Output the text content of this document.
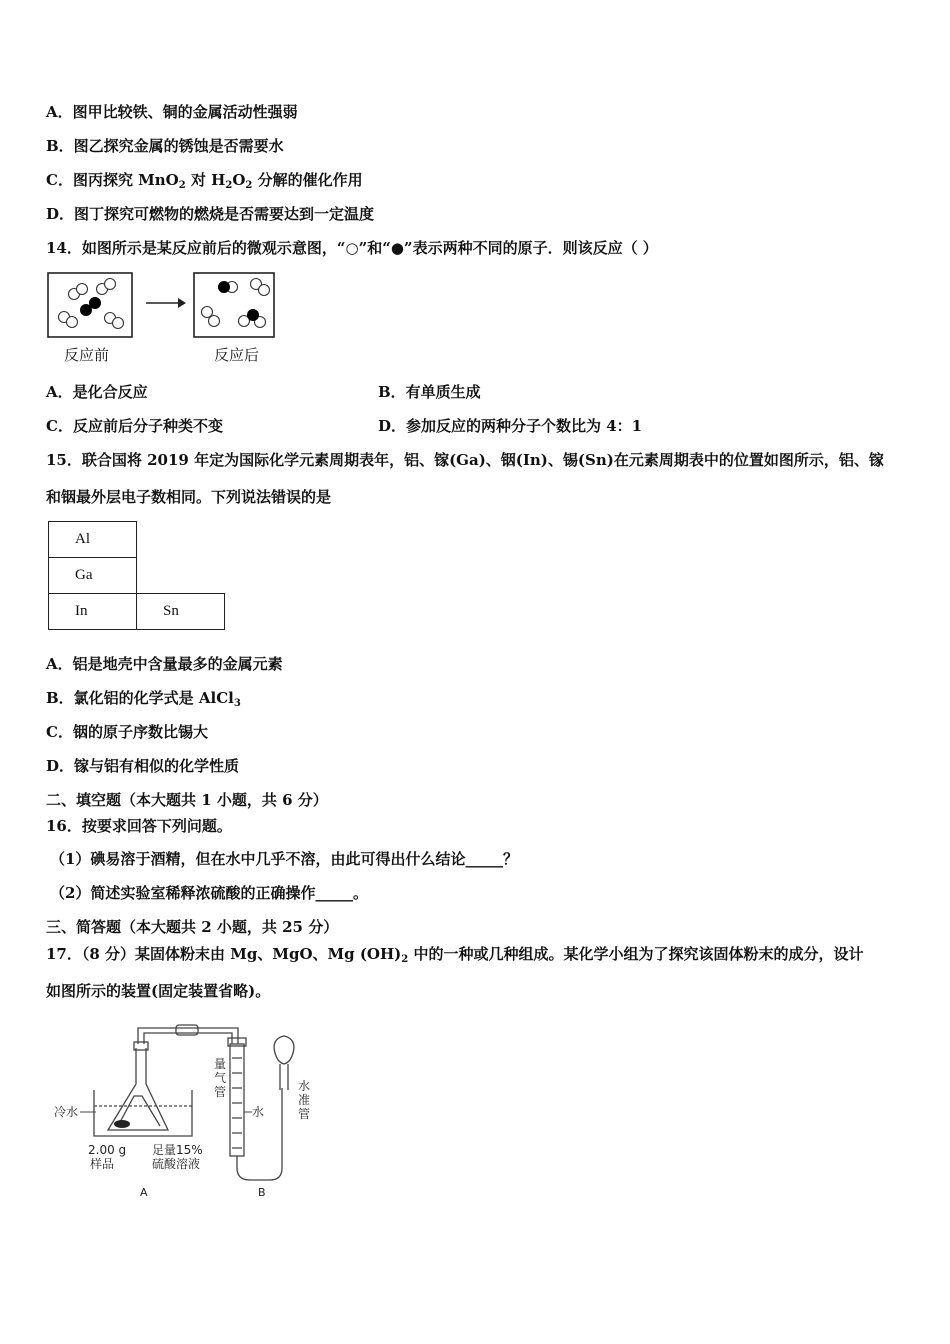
A．图甲比较铁、铜的金属活动性强弱
B．图乙探究金属的锈蚀是否需要水
C．图丙探究 MnO$_2$ 对 $H_2O_2$ 分解的催化作用
D．图丁探究可燃物的燃烧是否需要达到一定温度
14．如图所示是某反应前后的微观示意图，“○”和“●”表示两种不同的原子．则该反应（ ）
反应前	反应后
A．是化合反应	B．有单质生成
C．反应前后分子种类不变	D．参加反应的两种分子个数比为 4：1
15．联合国将 2019 年定为国际化学元素周期表年，铝、镓(Ga)、铟(In)、锡(Sn)在元素周期表中的位置如图所示，铝、镓
和铟最外层电子数相同。下列说法错误的是
Al	
Ga	
In	Sn
A．铝是地壳中含量最多的金属元素
B．氯化铝的化学式是 AlCl$_3$
C．铟的原子序数比锡大
D．镓与铝有相似的化学性质
二、填空题（本大题共 1 小题，共 6 分）
16．按要求回答下列问题。
（1）碘易溶于酒精，但在水中几乎不溶，由此可得出什么结论_____？
（2）简述实验室稀释浓硫酸的正确操作_____。
三、简答题（本大题共 2 小题，共 25 分）
17．（8 分）某固体粉末由 Mg、MgO、Mg $(OH)_2$ 中的一种或几种组成。某化学小组为了探究该固体粉末的成分，设计
如图所示的装置(固定装置省略)。
冷水
2.00 g
样品
足量15%
硫酸溶液
水
量
气
管	水
准
管
A	B
